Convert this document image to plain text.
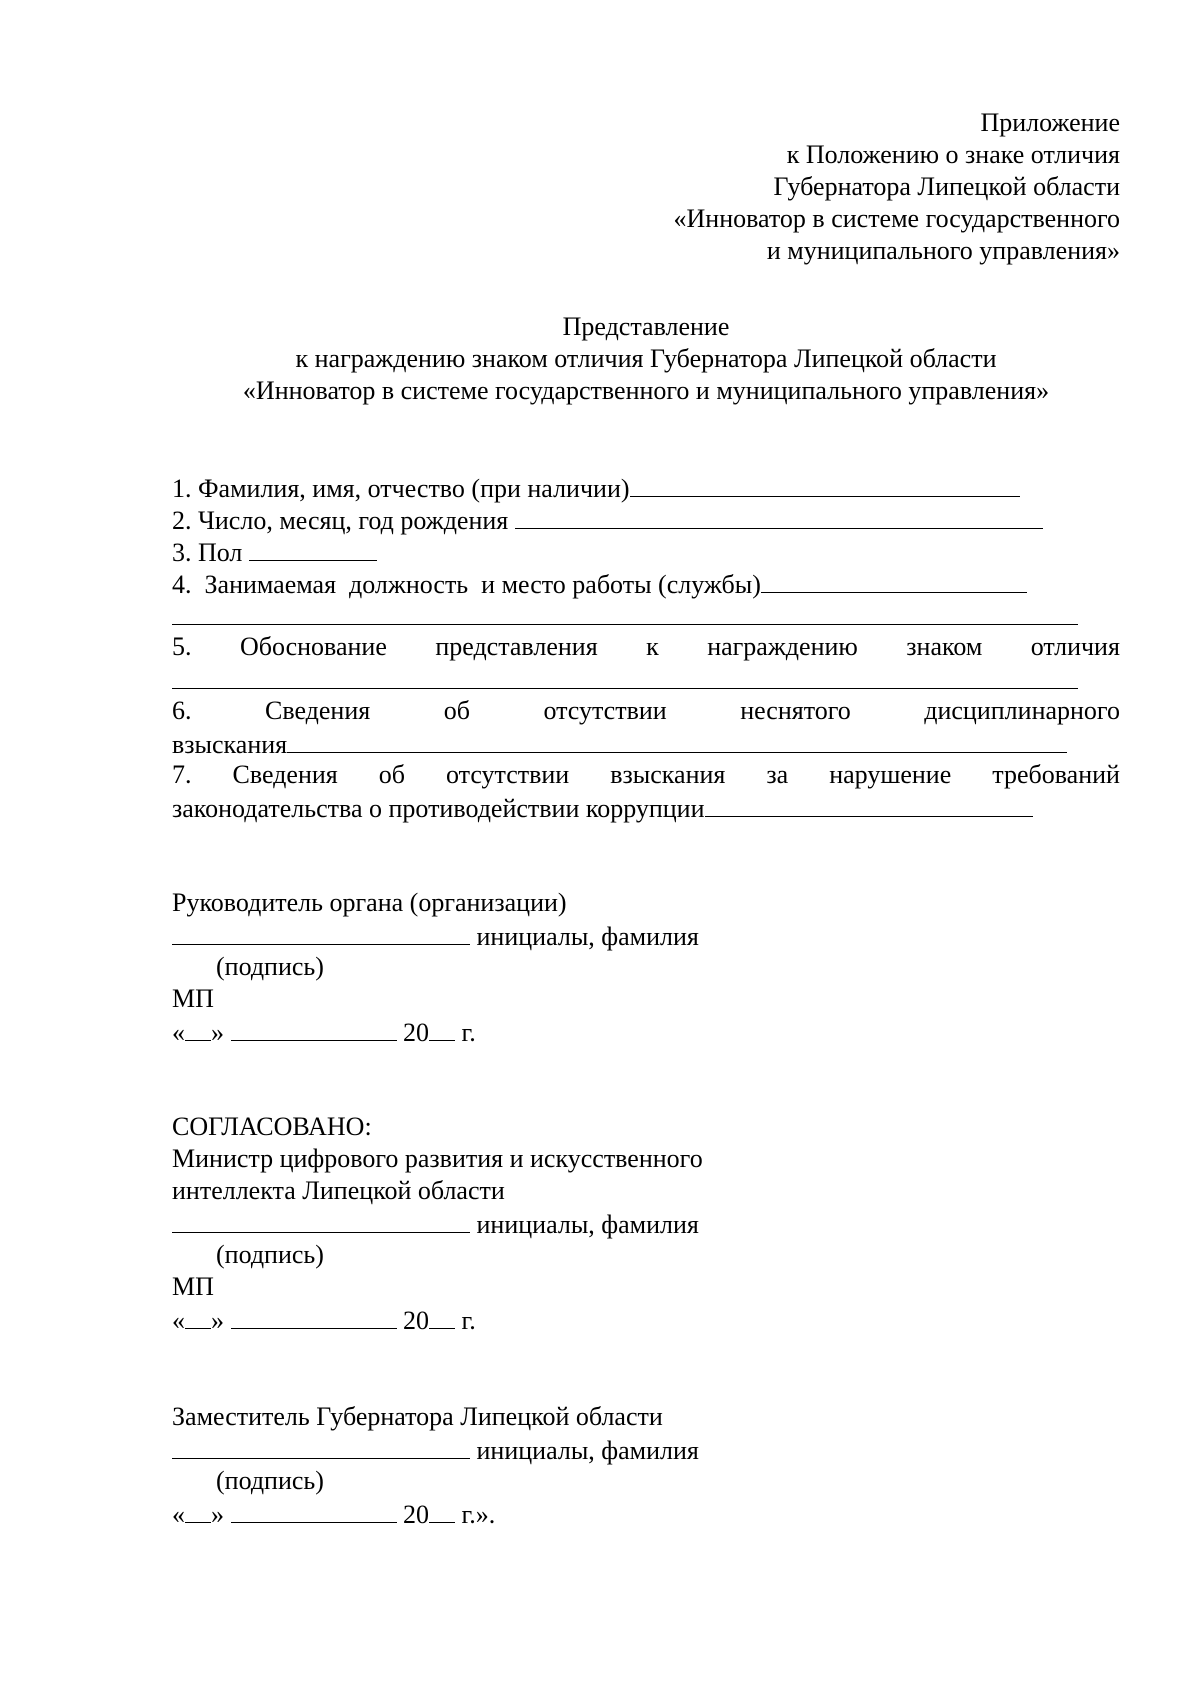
Приложение
к Положению о знаке отличия
Губернатора Липецкой области
«Инноватор в системе государственного
и муниципального управления»
Представление
к награждению знаком отличия Губернатора Липецкой области
«Инноватор в системе государственного и муниципального управления»
1. Фамилия, имя, отчество (при наличии)
2. Число, месяц, год рождения
3. Пол
4.  Занимаемая  должность  и место работы (службы)
5. Обоснование представления к награждению знаком отличия
6.	Сведения	об	отсутствии	неснятого	дисциплинарного
взыскания
7. Сведения об отсутствии взыскания за нарушение требований
законодательства о противодействии коррупции
Руководитель органа (организации)
инициалы, фамилия
(подпись)
МП
« »	20 г.
СОГЛАСОВАНО:
Министр цифрового развития и искусственного
интеллекта Липецкой области
инициалы, фамилия
(подпись)
МП
« »	20 г.
Заместитель Губернатора Липецкой области
инициалы, фамилия
(подпись)
« »	20 г.».
